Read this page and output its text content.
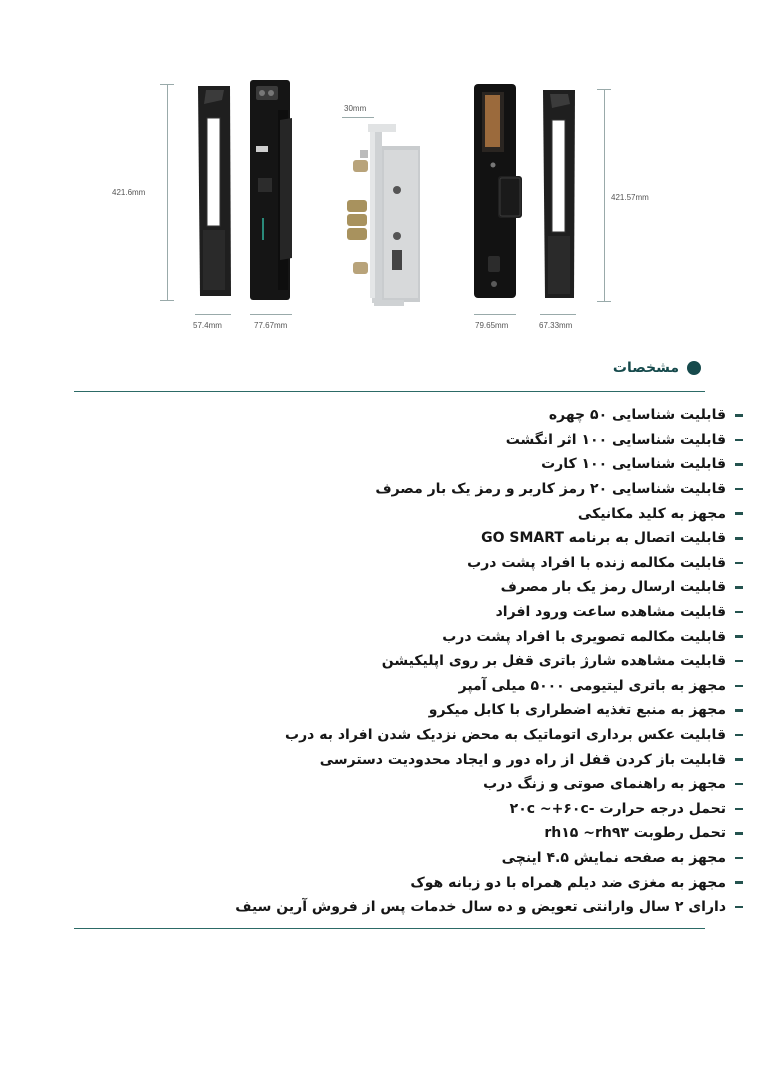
421.6mm
421.57mm
30mm
57.4mm	77.67mm	79.65mm	67.33mm
مشخصات
قابلیت شناسایی ۵۰ چهره
قابلیت شناسایی ۱۰۰ اثر انگشت
قابلیت شناسایی ۱۰۰ کارت
قابلیت شناسایی ۲۰ رمز کاربر و رمز یک بار مصرف
مجهز به کلید مکانیکی
قابلیت اتصال به برنامه GO SMART
قابلیت مکالمه زنده با افراد پشت درب
قابلیت ارسال رمز یک بار مصرف
قابلیت مشاهده ساعت ورود افراد
قابلیت مکالمه تصویری با افراد پشت درب
قابلیت مشاهده شارژ باتری قفل بر روی اپلیکیشن
مجهز به باتری لیتیومی ۵۰۰۰ میلی آمپر
مجهز به منبع تغذیه اضطراری با کابل میکرو
قابلیت عکس برداری اتوماتیک به محض نزدیک شدن افراد به درب
قابلیت باز کردن قفل از راه دور و ایجاد محدودیت دسترسی
مجهز به راهنمای صوتی و زنگ درب
تحمل درجه حرارت -۲۰c ~+۶۰c
تحمل رطوبت rh۱۵ ~rh۹۳
مجهز به صفحه نمایش ۴.۵ اینچی
مجهز به مغزی ضد دیلم همراه با دو زبانه هوک
دارای ۲ سال وارانتی تعویض و ده سال خدمات پس از فروش آرین سیف
